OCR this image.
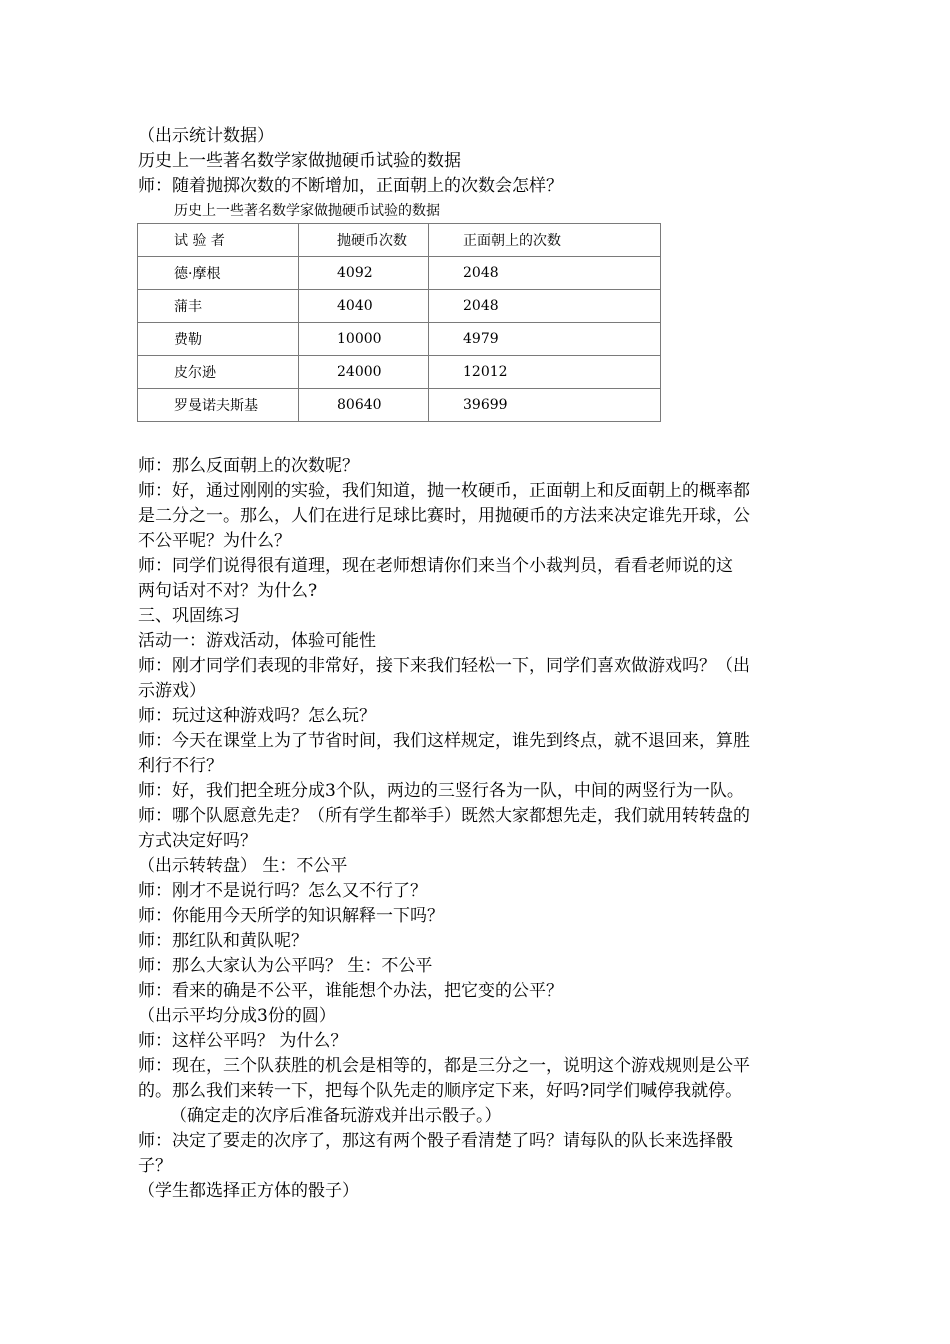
（出示统计数据）
历史上一些著名数学家做抛硬币试验的数据
师：随着抛掷次数的不断增加，正面朝上的次数会怎样？
历史上一些著名数学家做抛硬币试验的数据
试 验 者	抛硬币次数	正面朝上的次数
德·摩根	4092	2048
蒲丰	4040	2048
费勒	10000	4979
皮尔逊	24000	12012
罗曼诺夫斯基	80640	39699
师：那么反面朝上的次数呢？
师：好，通过刚刚的实验，我们知道，抛一枚硬币，正面朝上和反面朝上的概率都
是二分之一。那么，人们在进行足球比赛时，用抛硬币的方法来决定谁先开球，公
不公平呢？为什么？
师：同学们说得很有道理，现在老师想请你们来当个小裁判员，看看老师说的这
两句话对不对？为什么?
三、巩固练习
活动一：游戏活动，体验可能性
师：刚才同学们表现的非常好，接下来我们轻松一下，同学们喜欢做游戏吗？（出
示游戏）
师：玩过这种游戏吗？怎么玩？
师：今天在课堂上为了节省时间，我们这样规定，谁先到终点，就不退回来，算胜
利行不行？
师：好，我们把全班分成3个队，两边的三竖行各为一队，中间的两竖行为一队。
师：哪个队愿意先走？（所有学生都举手）既然大家都想先走，我们就用转转盘的
方式决定好吗？
（出示转转盘） 生：不公平
师：刚才不是说行吗？怎么又不行了？
师：你能用今天所学的知识解释一下吗？
师：那红队和黄队呢？
师：那么大家认为公平吗？ 生：不公平
师：看来的确是不公平，谁能想个办法，把它变的公平？
（出示平均分成3份的圆）
师：这样公平吗？ 为什么？
师：现在，三个队获胜的机会是相等的，都是三分之一，说明这个游戏规则是公平
的。那么我们来转一下，把每个队先走的顺序定下来，好吗?同学们喊停我就停。
（确定走的次序后准备玩游戏并出示骰子。）
师：决定了要走的次序了，那这有两个骰子看清楚了吗？请每队的队长来选择骰
子？
（学生都选择正方体的骰子）
